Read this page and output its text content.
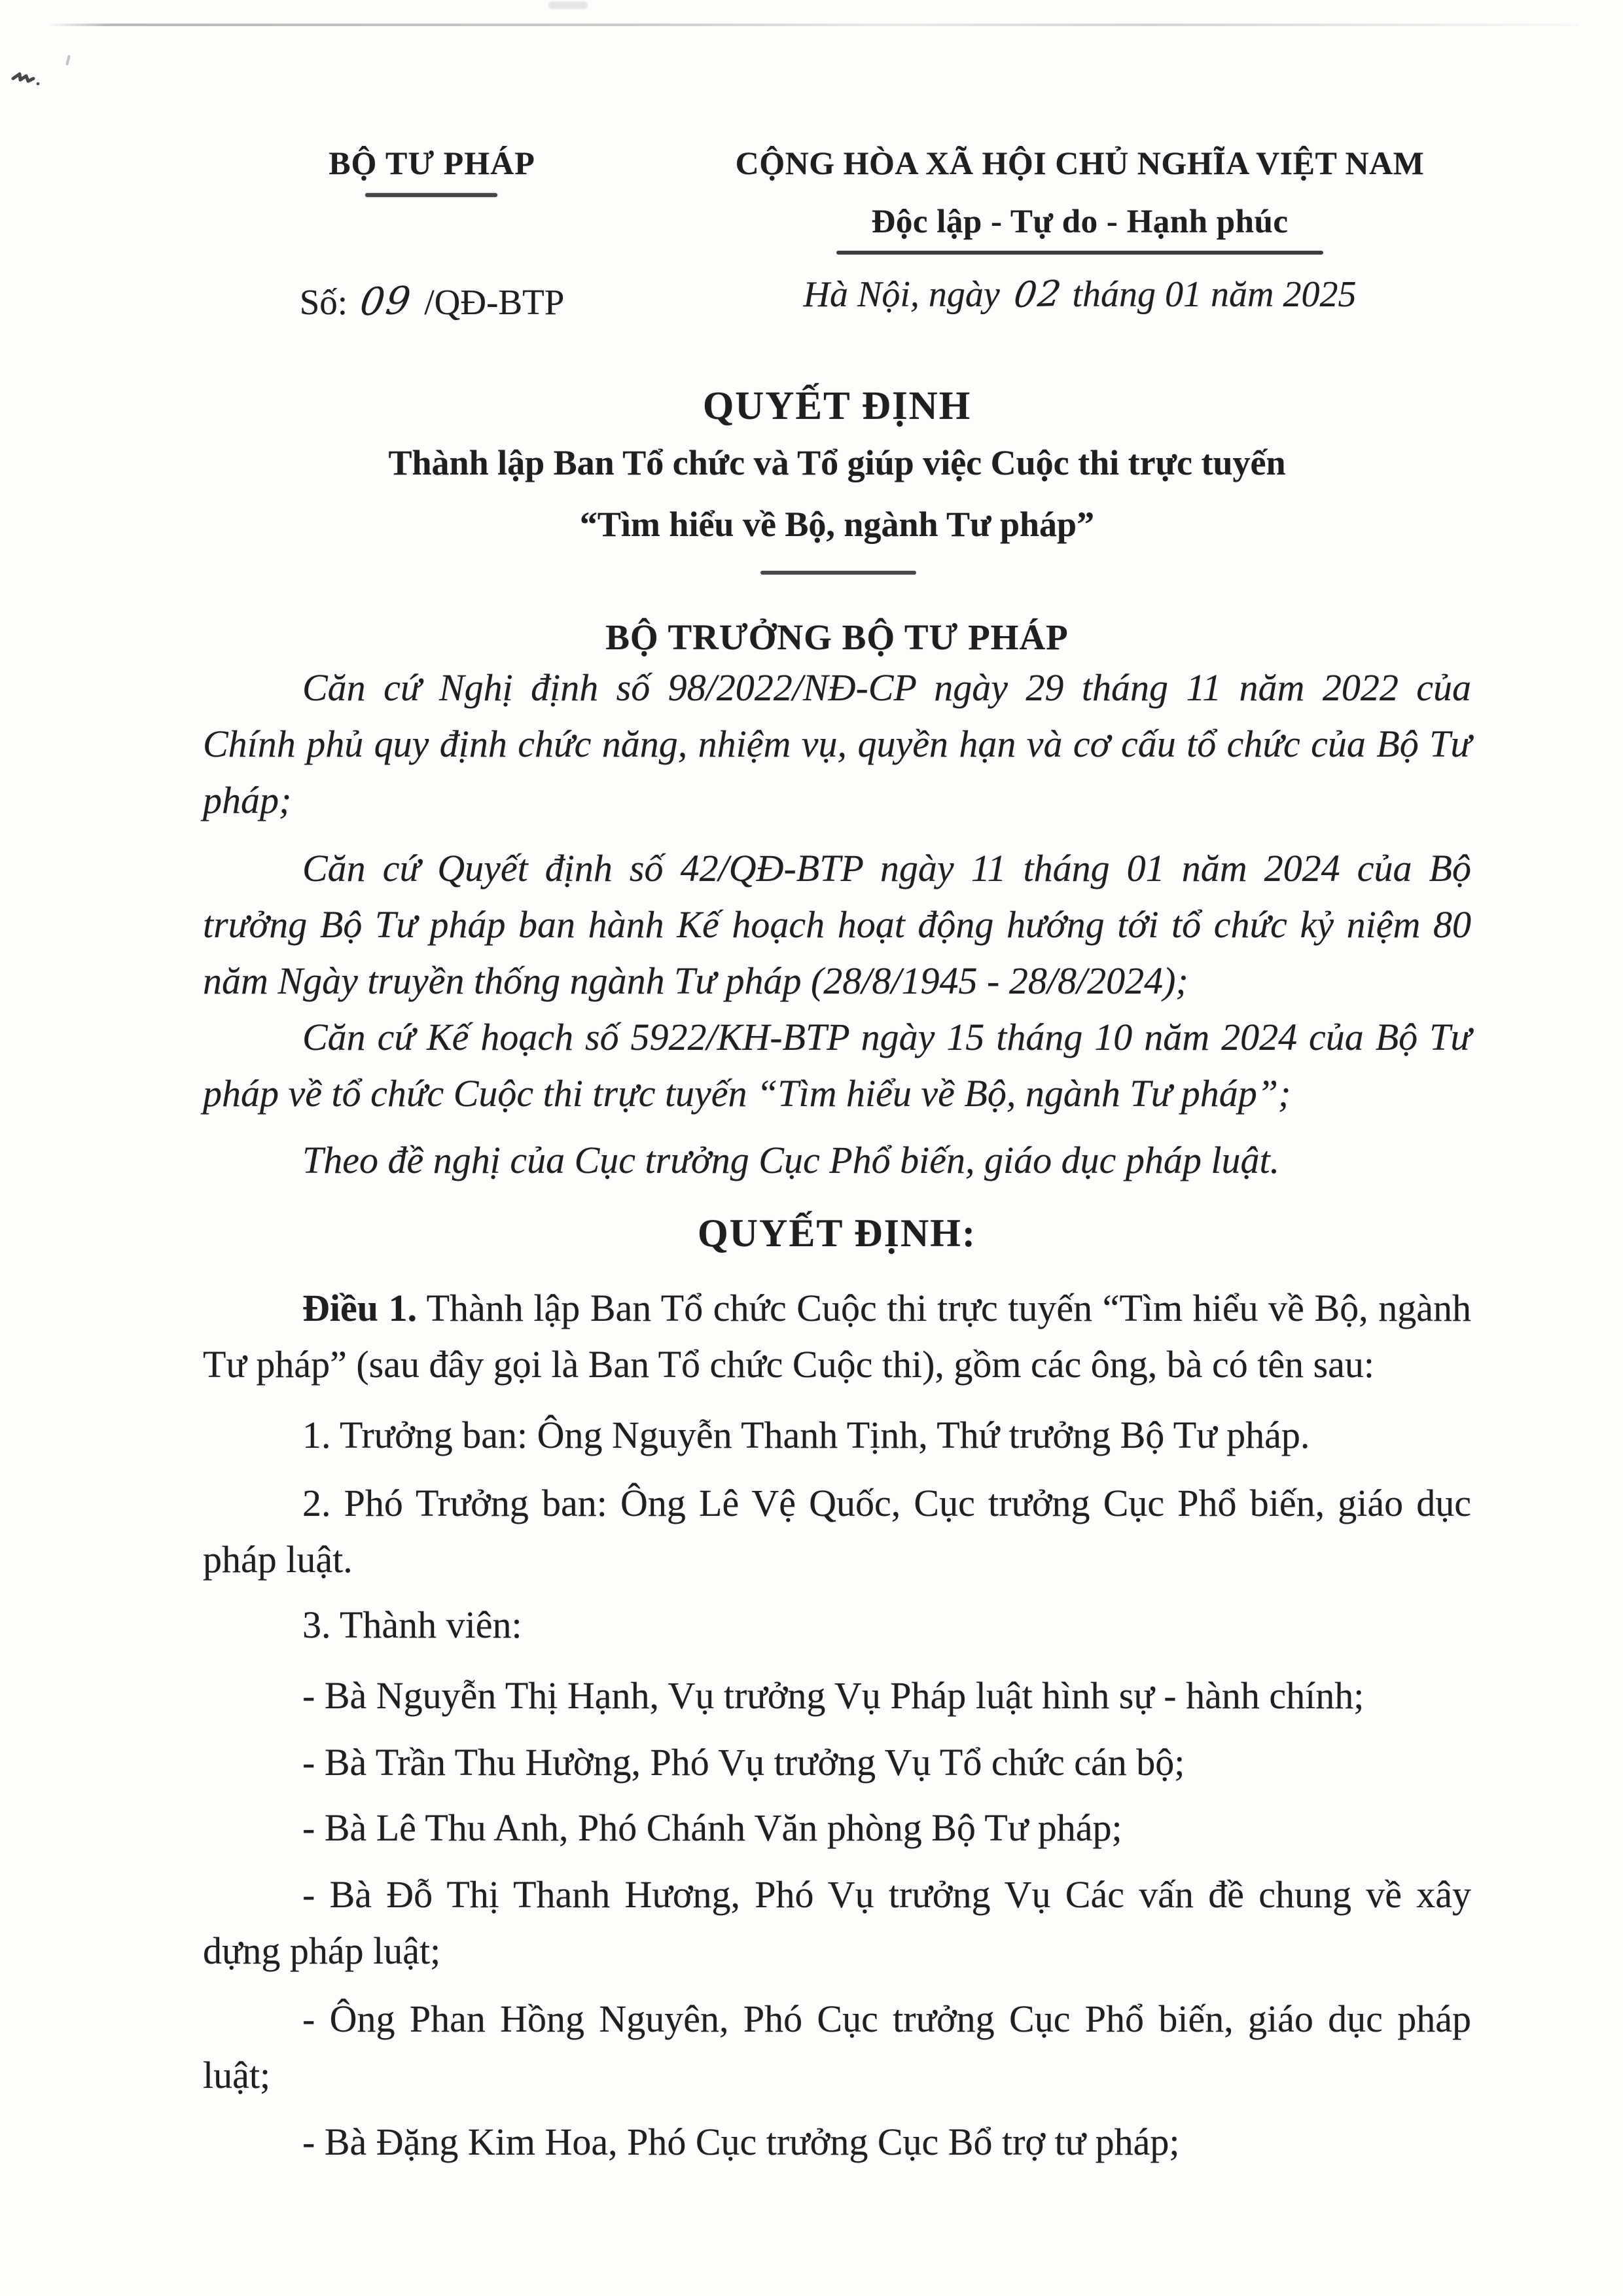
BỘ TƯ PHÁP
Số: 09 /QĐ-BTP
CỘNG HÒA XÃ HỘI CHỦ NGHĨA VIỆT NAM
Độc lập - Tự do - Hạnh phúc
Hà Nội, ngày 02 tháng 01 năm 2025
QUYẾT ĐỊNH
Thành lập Ban Tổ chức và Tổ giúp việc Cuộc thi trực tuyến
“Tìm hiểu về Bộ, ngành Tư pháp”
BỘ TRƯỞNG BỘ TƯ PHÁP

Căn cứ Nghị định số 98/2022/NĐ-CP ngày 29 tháng 11 năm 2022 của Chính phủ quy định chức năng, nhiệm vụ, quyền hạn và cơ cấu tổ chức của Bộ Tư pháp;

Căn cứ Quyết định số 42/QĐ-BTP ngày 11 tháng 01 năm 2024 của Bộ trưởng Bộ Tư pháp ban hành Kế hoạch hoạt động hướng tới tổ chức kỷ niệm 80 năm Ngày truyền thống ngành Tư pháp (28/8/1945 - 28/8/2024);

Căn cứ Kế hoạch số 5922/KH-BTP ngày 15 tháng 10 năm 2024 của Bộ Tư pháp về tổ chức Cuộc thi trực tuyến “Tìm hiểu về Bộ, ngành Tư pháp”;

Theo đề nghị của Cục trưởng Cục Phổ biến, giáo dục pháp luật.

QUYẾT ĐỊNH:

Điều 1. Thành lập Ban Tổ chức Cuộc thi trực tuyến “Tìm hiểu về Bộ, ngành Tư pháp” (sau đây gọi là Ban Tổ chức Cuộc thi), gồm các ông, bà có tên sau:

1. Trưởng ban: Ông Nguyễn Thanh Tịnh, Thứ trưởng Bộ Tư pháp.

2. Phó Trưởng ban: Ông Lê Vệ Quốc, Cục trưởng Cục Phổ biến, giáo dục pháp luật.

3. Thành viên:

- Bà Nguyễn Thị Hạnh, Vụ trưởng Vụ Pháp luật hình sự - hành chính;

- Bà Trần Thu Hường, Phó Vụ trưởng Vụ Tổ chức cán bộ;

- Bà Lê Thu Anh, Phó Chánh Văn phòng Bộ Tư pháp;

- Bà Đỗ Thị Thanh Hương, Phó Vụ trưởng Vụ Các vấn đề chung về xây dựng pháp luật;

- Ông Phan Hồng Nguyên, Phó Cục trưởng Cục Phổ biến, giáo dục pháp luật;

- Bà Đặng Kim Hoa, Phó Cục trưởng Cục Bổ trợ tư pháp;
